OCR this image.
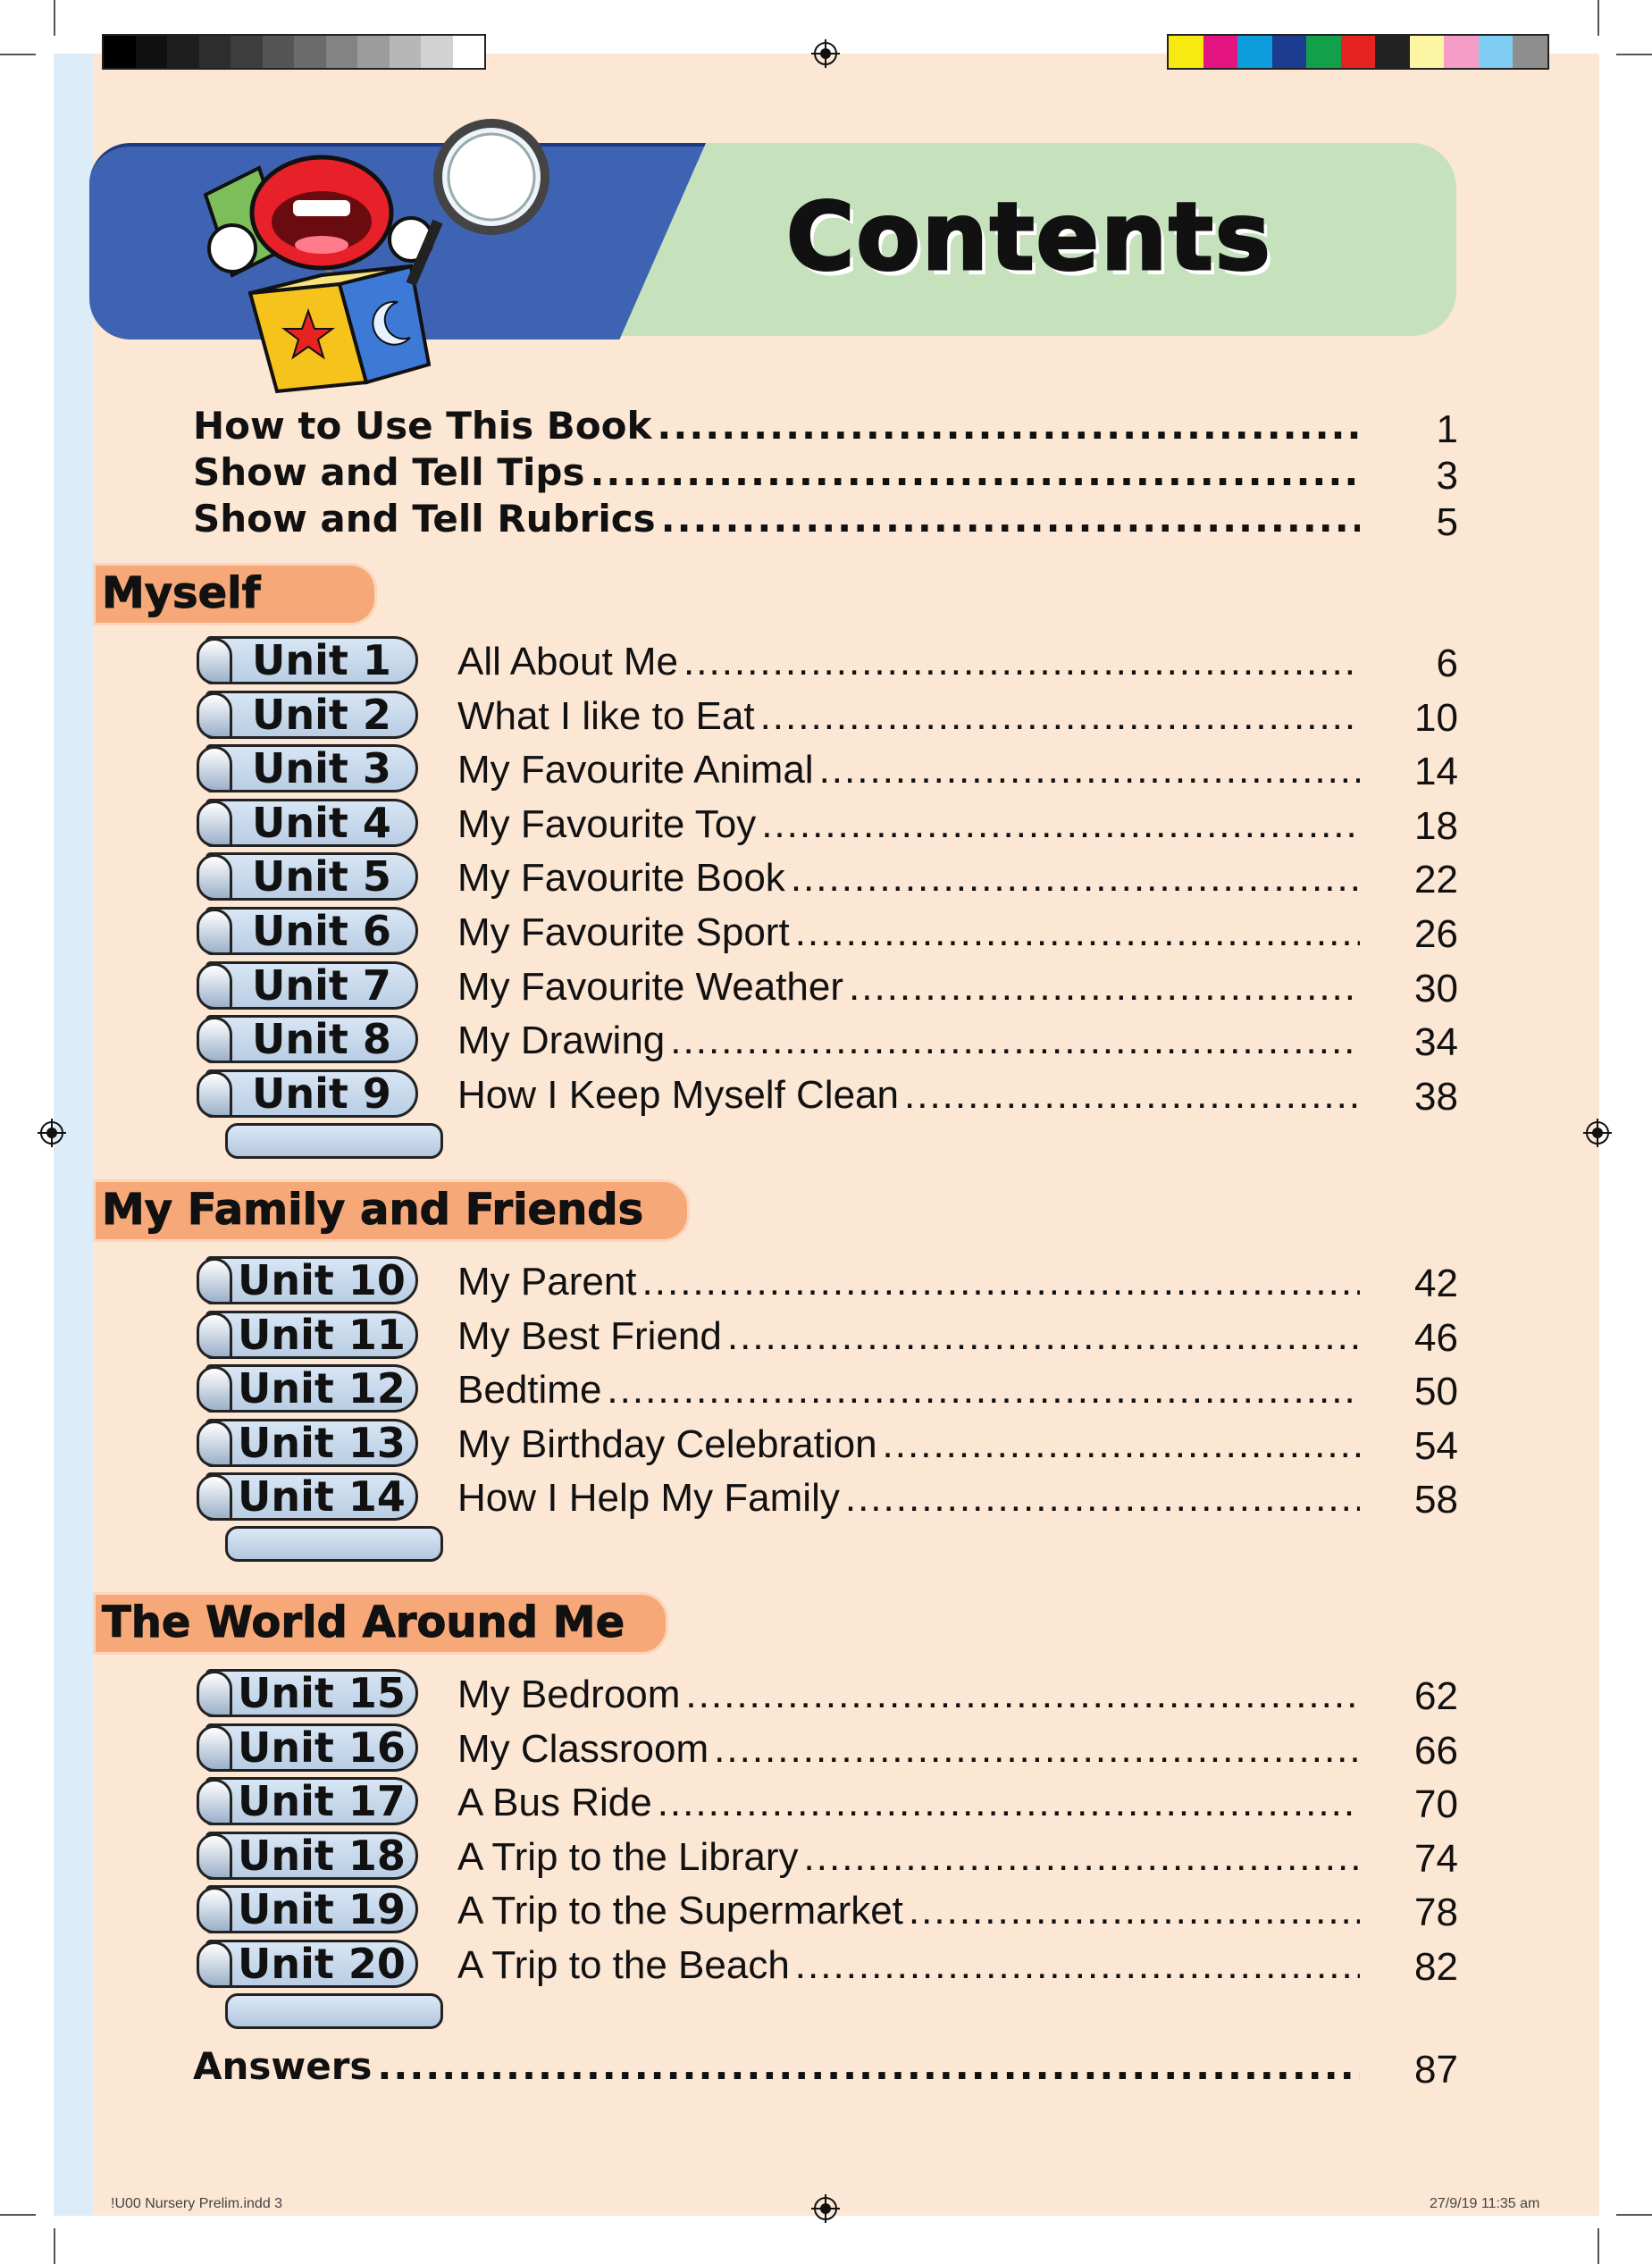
Contents
How to Use This Book .....	1
Show and Tell Tips .....	3
Show and Tell Rubrics .....	5
Myself
Unit 1	All About Me .....	6
Unit 2	What I like to Eat .....	10
Unit 3	My Favourite Animal .....	14
Unit 4	My Favourite Toy .....	18
Unit 5	My Favourite Book .....	22
Unit 6	My Favourite Sport .....	26
Unit 7	My Favourite Weather .....	30
Unit 8	My Drawing .....	34
Unit 9	How I Keep Myself Clean .....	38
My Family and Friends
Unit 10 My Parent .....	42
Unit 11 My Best Friend .....	46
Unit 12 Bedtime .....	50
Unit 13 My Birthday Celebration .....	54
Unit 14 How I Help My Family .....	58
The World Around Me
Unit 15 My Bedroom .....	62
Unit 16 My Classroom .....	66
Unit 17 A Bus Ride .....	70
Unit 18 A Trip to the Library .....	74
Unit 19 A Trip to the Supermarket .....	78
Unit 20 A Trip to the Beach .....	82
Answers .....	87
!U00 Nursery Prelim.indd 3	27/9/19 11:35 am
